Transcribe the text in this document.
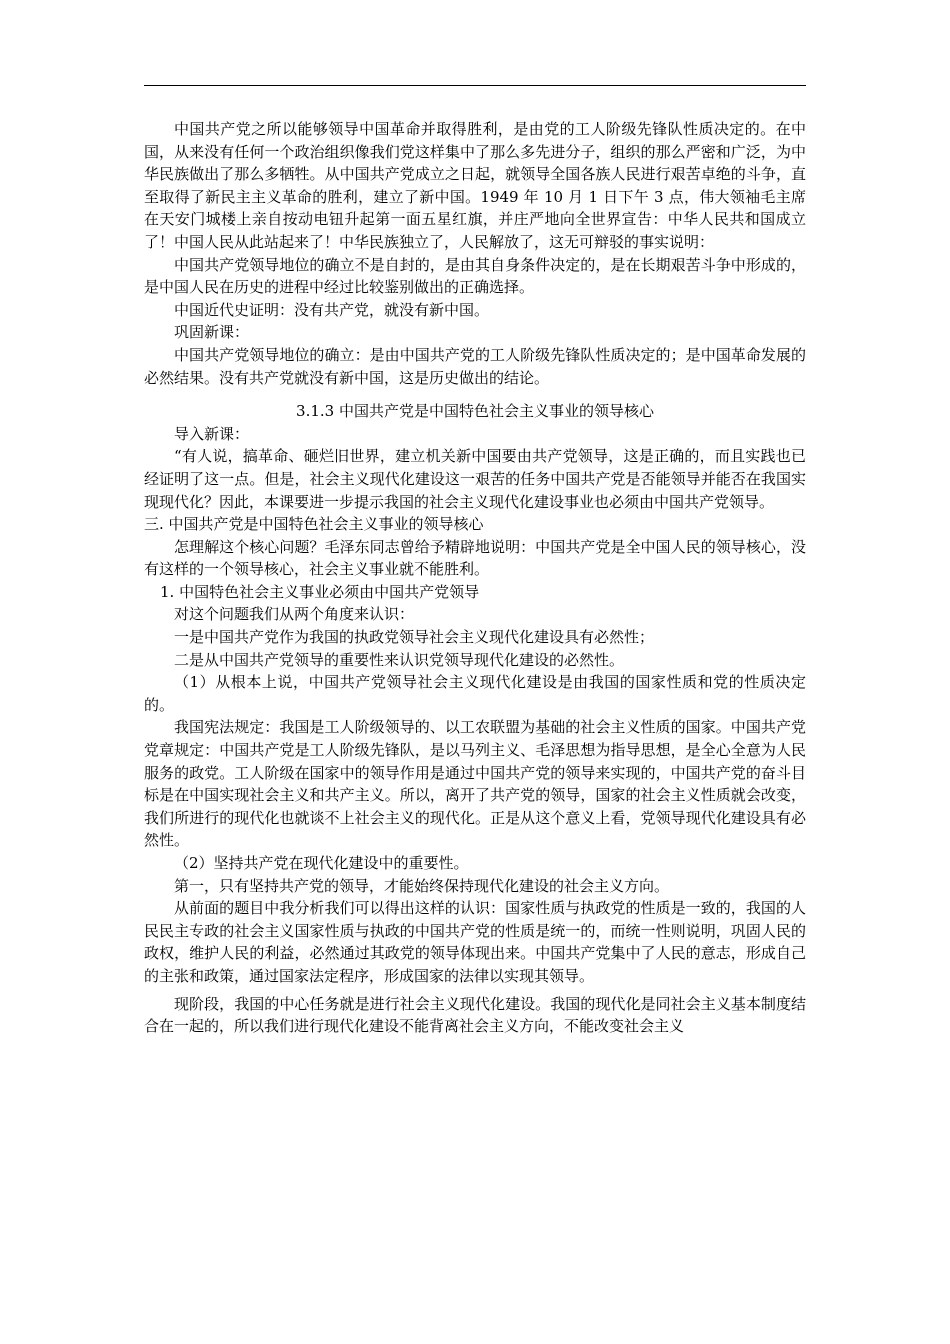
中国共产党之所以能够领导中国革命并取得胜利，是由党的工人阶级先锋队性质决定的。在中国，从来没有任何一个政治组织像我们党这样集中了那么多先进分子，组织的那么严密和广泛，为中华民族做出了那么多牺牲。从中国共产党成立之日起，就领导全国各族人民进行艰苦卓绝的斗争，直至取得了新民主主义革命的胜利，建立了新中国。1949 年 10 月 1 日下午 3 点，伟大领袖毛主席在天安门城楼上亲自按动电钮升起第一面五星红旗，并庄严地向全世界宣告：中华人民共和国成立了！中国人民从此站起来了！中华民族独立了，人民解放了，这无可辩驳的事实说明：

中国共产党领导地位的确立不是自封的，是由其自身条件决定的，是在长期艰苦斗争中形成的，是中国人民在历史的进程中经过比较鉴别做出的正确选择。

中国近代史证明：没有共产党，就没有新中国。

巩固新课：

中国共产党领导地位的确立：是由中国共产党的工人阶级先锋队性质决定的；是中国革命发展的必然结果。没有共产党就没有新中国，这是历史做出的结论。

3.1.3 中国共产党是中国特色社会主义事业的领导核心

导入新课：

“有人说，搞革命、砸烂旧世界，建立机关新中国要由共产党领导，这是正确的，而且实践也已经证明了这一点。但是，社会主义现代化建设这一艰苦的任务中国共产党是否能领导并能否在我国实现现代化？因此，本课要进一步提示我国的社会主义现代化建设事业也必须由中国共产党领导。

三. 中国共产党是中国特色社会主义事业的领导核心

怎理解这个核心问题？毛泽东同志曾给予精辟地说明：中国共产党是全中国人民的领导核心，没有这样的一个领导核心，社会主义事业就不能胜利。

1. 中国特色社会主义事业必须由中国共产党领导

对这个问题我们从两个角度来认识：

一是中国共产党作为我国的执政党领导社会主义现代化建设具有必然性；

二是从中国共产党领导的重要性来认识党领导现代化建设的必然性。

（1）从根本上说，中国共产党领导社会主义现代化建设是由我国的国家性质和党的性质决定的。

我国宪法规定：我国是工人阶级领导的、以工农联盟为基础的社会主义性质的国家。中国共产党党章规定：中国共产党是工人阶级先锋队，是以马列主义、毛泽思想为指导思想，是全心全意为人民服务的政党。工人阶级在国家中的领导作用是通过中国共产党的领导来实现的，中国共产党的奋斗目标是在中国实现社会主义和共产主义。所以，离开了共产党的领导，国家的社会主义性质就会改变，我们所进行的现代化也就谈不上社会主义的现代化。正是从这个意义上看，党领导现代化建设具有必然性。

（2）坚持共产党在现代化建设中的重要性。

第一，只有坚持共产党的领导，才能始终保持现代化建设的社会主义方向。

从前面的题目中我分析我们可以得出这样的认识：国家性质与执政党的性质是一致的，我国的人民民主专政的社会主义国家性质与执政的中国共产党的性质是统一的，而统一性则说明，巩固人民的政权，维护人民的利益，必然通过其政党的领导体现出来。中国共产党集中了人民的意志，形成自己的主张和政策，通过国家法定程序，形成国家的法律以实现其领导。

现阶段，我国的中心任务就是进行社会主义现代化建设。我国的现代化是同社会主义基本制度结合在一起的，所以我们进行现代化建设不能背离社会主义方向，不能改变社会主义
